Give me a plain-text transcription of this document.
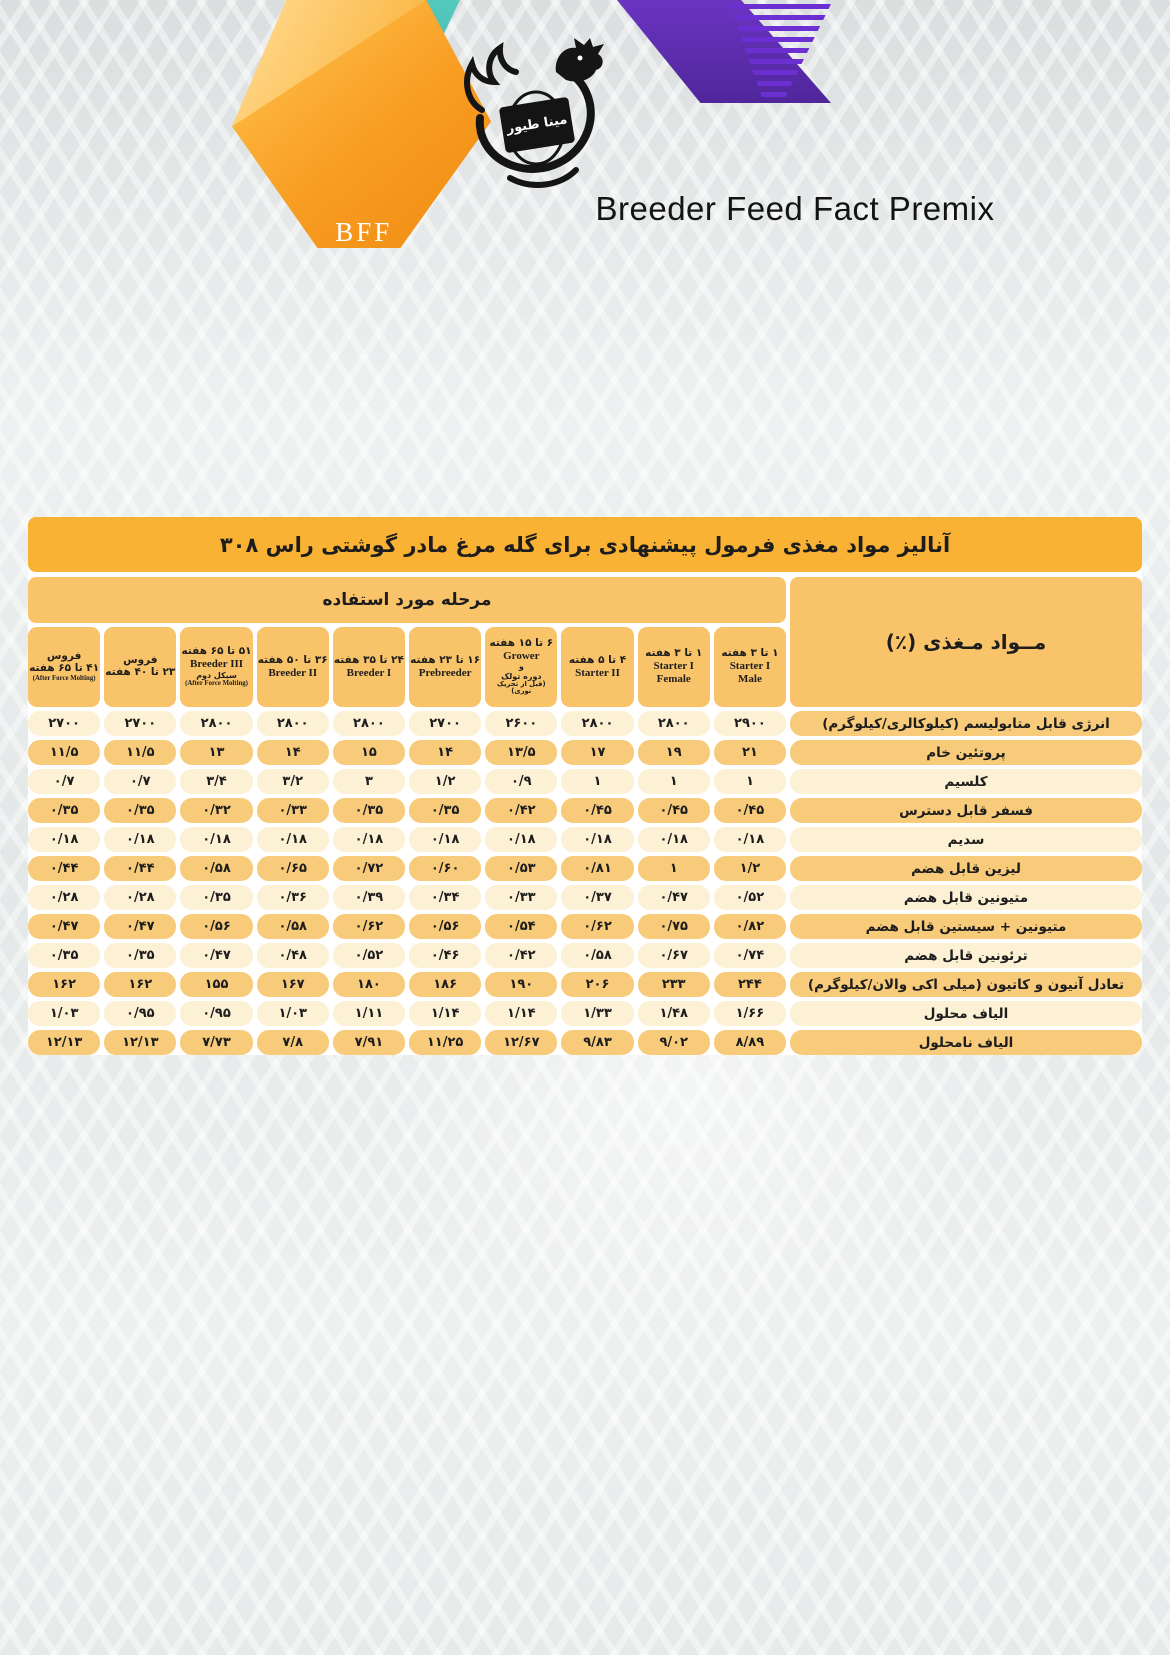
BFF
مینا طیور
Breeder Feed Fact Premix
آنالیز مواد مغذی فرمول پیشنهادی برای گله مرغ مادر گوشتی راس ۳۰۸
مــواد مـغذی (٪)
مرحله مورد استفاده
۱ تا ۳ هفته
Starter I
Male
۱ تا ۳ هفته
Starter I
Female
۴ تا ۵ هفته
Starter II
۶ تا ۱۵ هفته
Grower
و
دوره تولک
(قبل از تحریک نوری)
۱۶ تا ۲۳ هفته
Prebreeder
۲۴ تا ۳۵ هفته
Breeder I
۳۶ تا ۵۰ هفته
Breeder II
۵۱ تا ۶۵ هفته
Breeder III
سیکل دوم
(After Force Molting)
فروس
۲۳ تا ۴۰ هفته
فروس
۴۱ تا ۶۵ هفته
(After Force Molting)
انرژی قابل متابولیسم (کیلوکالری/کیلوگرم)
۲۹۰۰
۲۸۰۰
۲۸۰۰
۲۶۰۰
۲۷۰۰
۲۸۰۰
۲۸۰۰
۲۸۰۰
۲۷۰۰
۲۷۰۰
پروتئین خام
۲۱
۱۹
۱۷
۱۳/۵
۱۴
۱۵
۱۴
۱۳
۱۱/۵
۱۱/۵
کلسیم
۱
۱
۱
۰/۹
۱/۲
۳
۳/۲
۳/۴
۰/۷
۰/۷
فسفر قابل دسترس
۰/۴۵
۰/۴۵
۰/۴۵
۰/۴۲
۰/۳۵
۰/۳۵
۰/۳۳
۰/۳۲
۰/۳۵
۰/۳۵
سدیم
۰/۱۸
۰/۱۸
۰/۱۸
۰/۱۸
۰/۱۸
۰/۱۸
۰/۱۸
۰/۱۸
۰/۱۸
۰/۱۸
لیزین قابل هضم
۱/۲
۱
۰/۸۱
۰/۵۳
۰/۶۰
۰/۷۲
۰/۶۵
۰/۵۸
۰/۴۴
۰/۴۴
متیونین قابل هضم
۰/۵۲
۰/۴۷
۰/۳۷
۰/۳۳
۰/۳۴
۰/۳۹
۰/۳۶
۰/۳۵
۰/۲۸
۰/۲۸
متیونین + سیستین قابل هضم
۰/۸۲
۰/۷۵
۰/۶۲
۰/۵۴
۰/۵۶
۰/۶۲
۰/۵۸
۰/۵۶
۰/۴۷
۰/۴۷
ترئونین قابل هضم
۰/۷۴
۰/۶۷
۰/۵۸
۰/۴۲
۰/۴۶
۰/۵۲
۰/۴۸
۰/۴۷
۰/۳۵
۰/۳۵
تعادل آنیون و کاتیون (میلی اکی والان/کیلوگرم)
۲۴۴
۲۳۳
۲۰۶
۱۹۰
۱۸۶
۱۸۰
۱۶۷
۱۵۵
۱۶۲
۱۶۲
الیاف محلول
۱/۶۶
۱/۴۸
۱/۳۳
۱/۱۴
۱/۱۴
۱/۱۱
۱/۰۳
۰/۹۵
۰/۹۵
۱/۰۳
الیاف نامحلول
۸/۸۹
۹/۰۲
۹/۸۳
۱۲/۶۷
۱۱/۲۵
۷/۹۱
۷/۸
۷/۷۳
۱۲/۱۳
۱۲/۱۳
